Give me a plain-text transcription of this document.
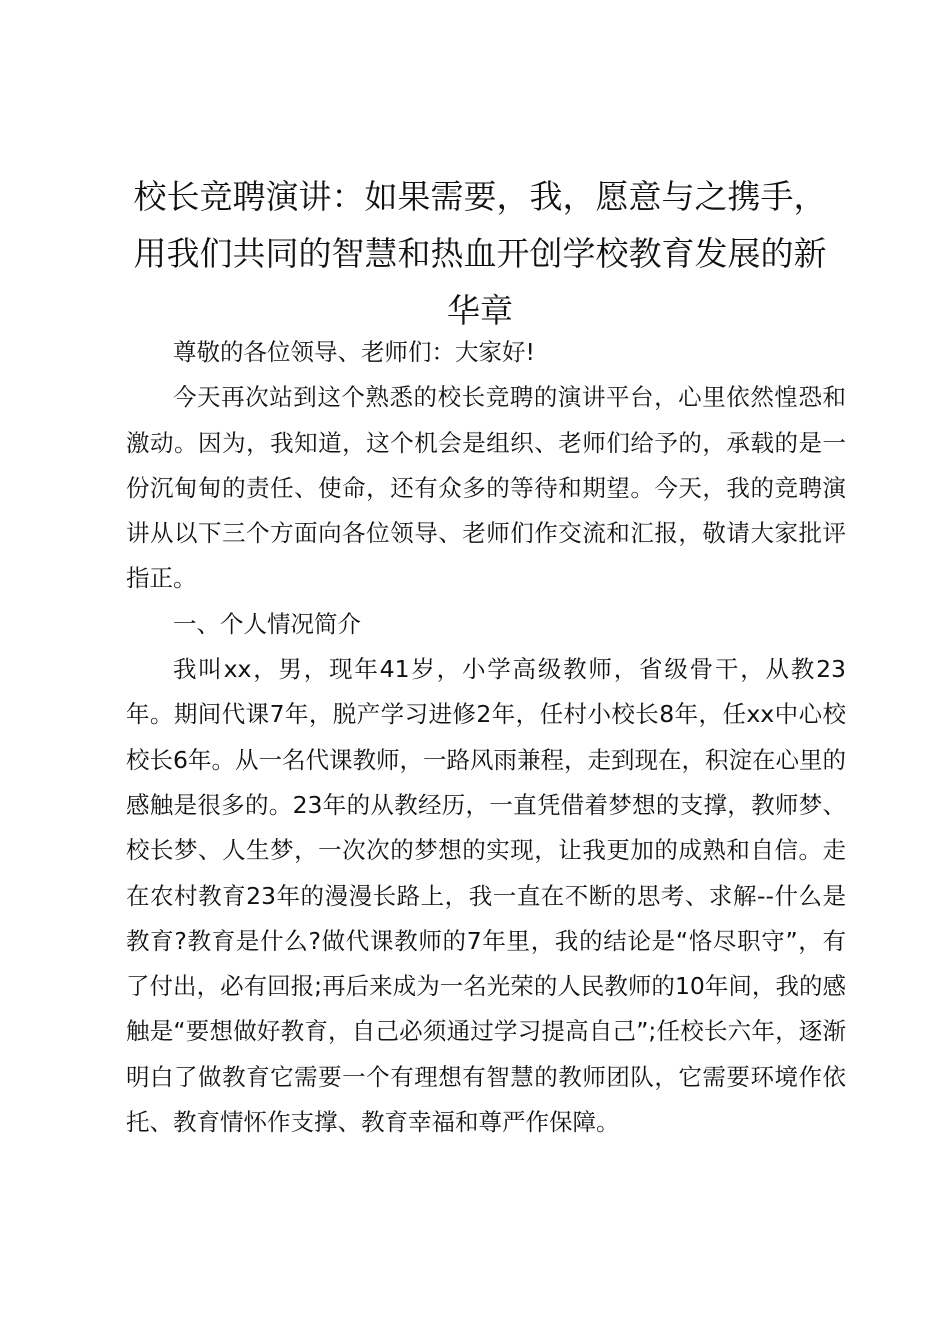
校长竞聘演讲：如果需要，我，愿意与之携手，用我们共同的智慧和热血开创学校教育发展的新华章

尊敬的各位领导、老师们：大家好!

今天再次站到这个熟悉的校长竞聘的演讲平台，心里依然惶恐和激动。因为，我知道，这个机会是组织、老师们给予的，承载的是一份沉甸甸的责任、使命，还有众多的等待和期望。今天，我的竞聘演讲从以下三个方面向各位领导、老师们作交流和汇报，敬请大家批评指正。

一、个人情况简介

我叫xx，男，现年41岁，小学高级教师，省级骨干，从教23年。期间代课7年，脱产学习进修2年，任村小校长8年，任xx中心校校长6年。从一名代课教师，一路风雨兼程，走到现在，积淀在心里的感触是很多的。23年的从教经历，一直凭借着梦想的支撑，教师梦、校长梦、人生梦，一次次的梦想的实现，让我更加的成熟和自信。走在农村教育23年的漫漫长路上，我一直在不断的思考、求解--什么是教育?教育是什么?做代课教师的7年里，我的结论是“恪尽职守”，有了付出，必有回报;再后来成为一名光荣的人民教师的10年间，我的感触是“要想做好教育，自己必须通过学习提高自己”;任校长六年，逐渐明白了做教育它需要一个有理想有智慧的教师团队，它需要环境作依托、教育情怀作支撑、教育幸福和尊严作保障。
